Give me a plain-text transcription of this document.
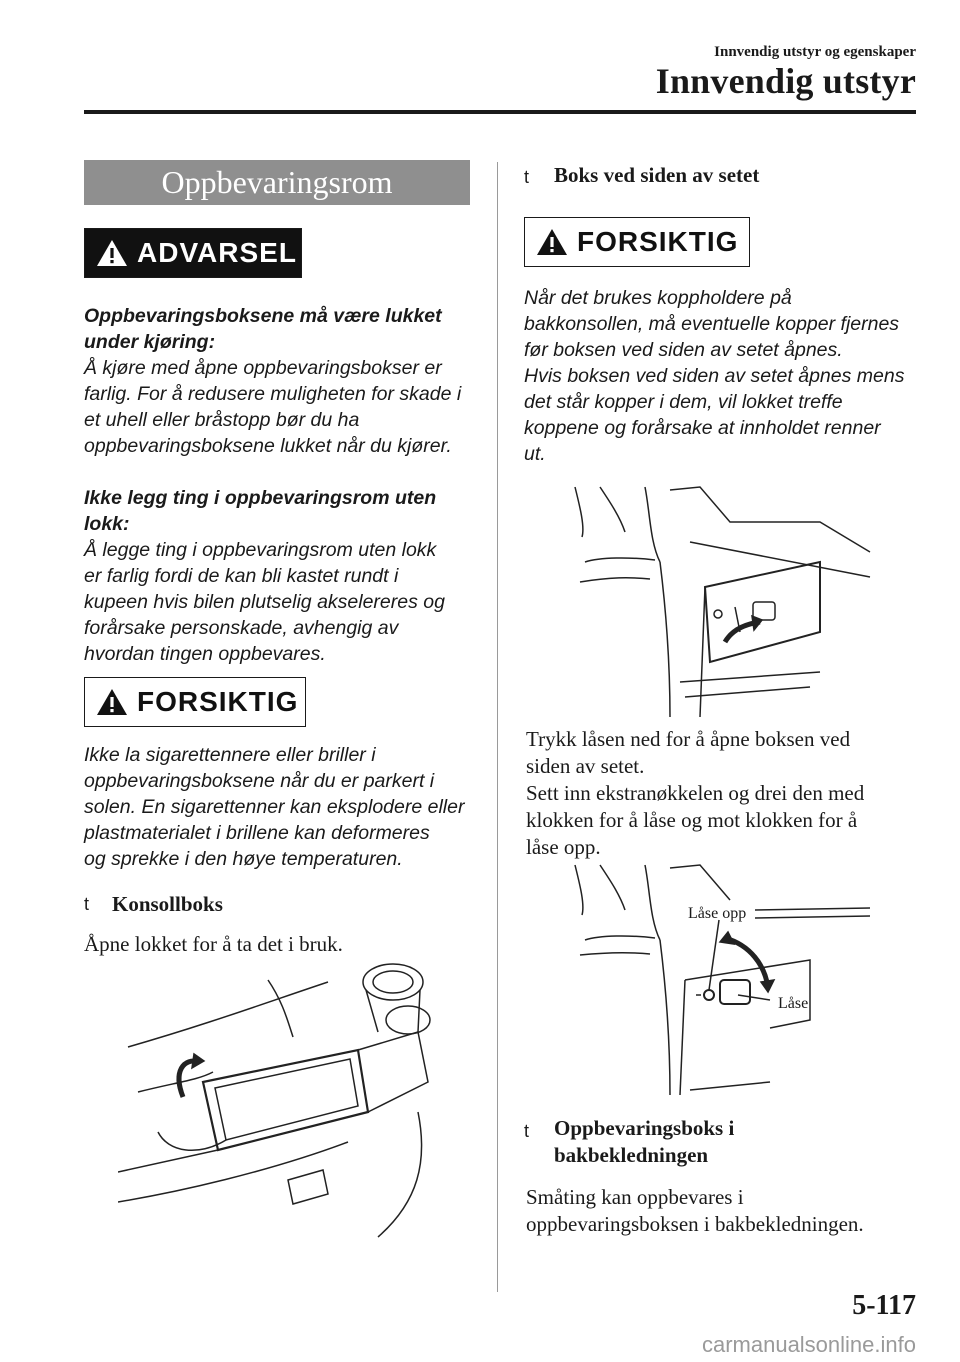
Innvendig utstyr og egenskaper
Innvendig utstyr
Oppbevaringsrom
ADVARSEL
Oppbevaringsboksene må være lukket
under kjøring:
Å kjøre med åpne oppbevaringsbokser er
farlig. For å redusere muligheten for skade i
et uhell eller bråstopp bør du ha
oppbevaringsboksene lukket når du kjører.
Ikke legg ting i oppbevaringsrom uten lokk:
Å legge ting i oppbevaringsrom uten lokk
er farlig fordi de kan bli kastet rundt i
kupeen hvis bilen plutselig akselereres og
forårsake personskade, avhengig av
hvordan tingen oppbevares.
FORSIKTIG
Ikke la sigarettennere eller briller i
oppbevaringsboksene når du er parkert i
solen. En sigarettenner kan eksplodere eller
plastmaterialet i brillene kan deformeres
og sprekke i den høye temperaturen.
t Konsollboks
Åpne lokket for å ta det i bruk.
t Boks ved siden av setet
FORSIKTIG
Når det brukes koppholdere på
bakkonsollen, må eventuelle kopper fjernes
før boksen ved siden av setet åpnes.
Hvis boksen ved siden av setet åpnes mens
det står kopper i dem, vil lokket treffe
koppene og forårsake at innholdet renner
ut.
Trykk låsen ned for å åpne boksen ved
siden av setet.
Sett inn ekstranøkkelen og drei den med
klokken for å låse og mot klokken for å
låse opp.
Låse opp
Låse
t Oppbevaringsboks i
bakbekledningen
Småting kan oppbevares i
oppbevaringsboksen i bakbekledningen.
5-117
carmanualsonline.info
